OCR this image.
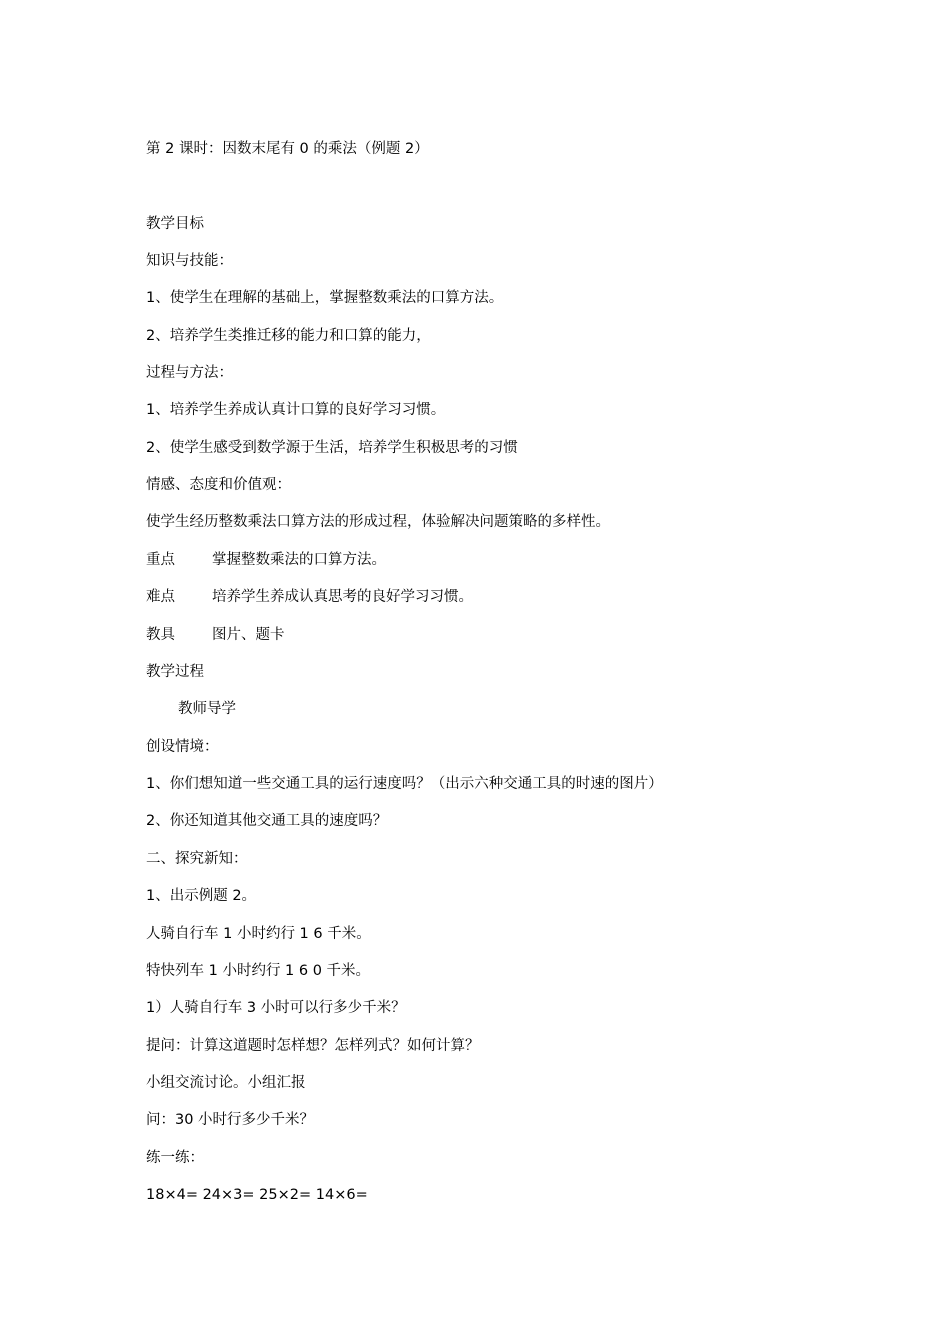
第 2 课时：因数末尾有 0 的乘法（例题 2）
教学目标
知识与技能：
1、使学生在理解的基础上，掌握整数乘法的口算方法。
2、培养学生类推迁移的能力和口算的能力，
过程与方法：
1、培养学生养成认真计口算的良好学习习惯。
2、使学生感受到数学源于生活，培养学生积极思考的习惯
情感、态度和价值观：
使学生经历整数乘法口算方法的形成过程，体验解决问题策略的多样性。
重点	掌握整数乘法的口算方法。
难点	培养学生养成认真思考的良好学习习惯。
教具	图片、题卡
教学过程
教师导学
创设情境：
1、你们想知道一些交通工具的运行速度吗？（出示六种交通工具的时速的图片）
2、你还知道其他交通工具的速度吗？
二、探究新知：
1、出示例题 2。
人骑自行车 1 小时约行 1 6 千米。
特快列车 1 小时约行 1 6 0 千米。
1）人骑自行车 3 小时可以行多少千米？
提问：计算这道题时怎样想？怎样列式？如何计算？
小组交流讨论。小组汇报
问：30 小时行多少千米？
练一练：
18×4= 24×3= 25×2= 14×6=
